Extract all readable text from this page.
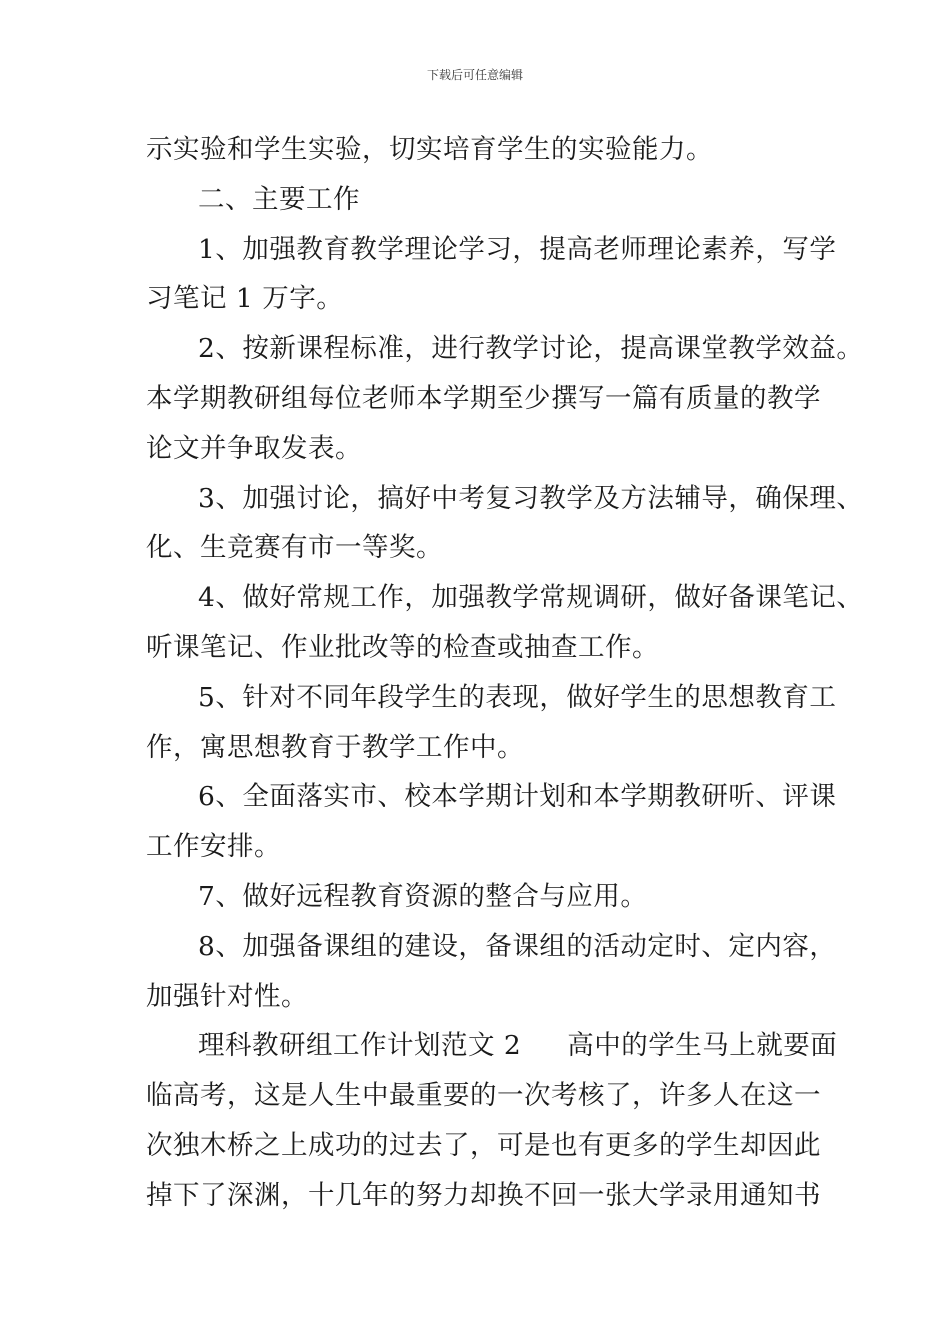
下载后可任意编辑
示实验和学生实验，切实培育学生的实验能力。
二、主要工作
1、加强教育教学理论学习，提高老师理论素养，写学
习笔记 1 万字。
2、按新课程标准，进行教学讨论，提高课堂教学效益。
本学期教研组每位老师本学期至少撰写一篇有质量的教学
论文并争取发表。
3、加强讨论，搞好中考复习教学及方法辅导，确保理、
化、生竞赛有市一等奖。
4、做好常规工作，加强教学常规调研，做好备课笔记、
听课笔记、作业批改等的检查或抽查工作。
5、针对不同年段学生的表现，做好学生的思想教育工
作，寓思想教育于教学工作中。
6、全面落实市、校本学期计划和本学期教研听、评课
工作安排。
7、做好远程教育资源的整合与应用。
8、加强备课组的建设，备课组的活动定时、定内容，
加强针对性。
理科教研组工作计划范文 2 高中的学生马上就要面
临高考，这是人生中最重要的一次考核了，许多人在这一
次独木桥之上成功的过去了，可是也有更多的学生却因此
掉下了深渊，十几年的努力却换不回一张大学录用通知书
